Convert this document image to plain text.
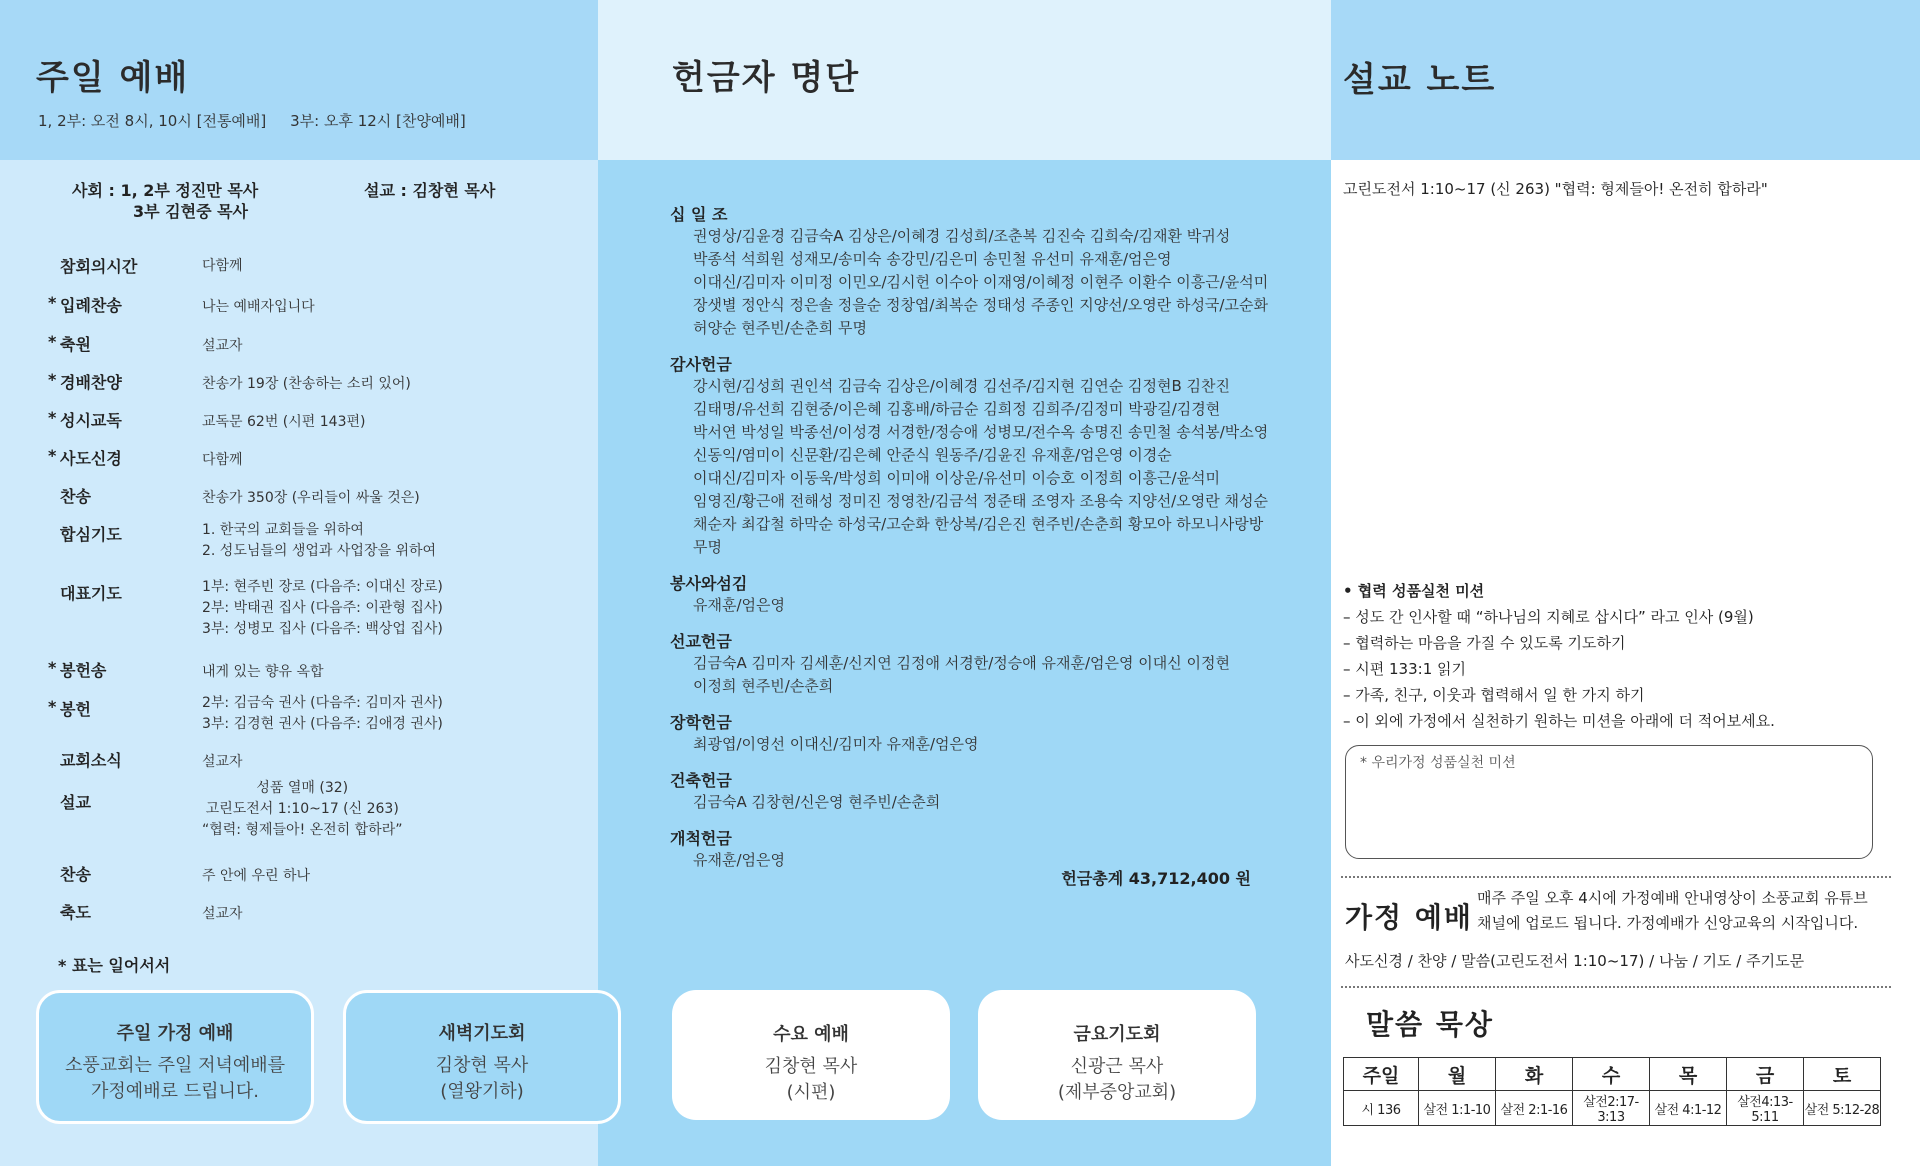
주일 예배
1, 2부: 오전 8시, 10시 [전통예배]     3부: 오후 12시 [찬양예배]
사회 : 1, 2부 정진만 목사
3부 김현중 목사
설교 : 김창현 목사
참회의시간	다함께
* 입례찬송	나는 예배자입니다
* 축원	설교자
* 경배찬양	찬송가 19장 (찬송하는 소리 있어)
* 성시교독	교독문 62번 (시편 143편)
* 사도신경	다함께
찬송	찬송가 350장 (우리들이 싸울 것은)
합심기도	1. 한국의 교회들을 위하여
2. 성도님들의 생업과 사업장을 위하여
대표기도	1부: 현주빈 장로 (다음주: 이대신 장로)
2부: 박태권 집사 (다음주: 이관형 집사)
3부: 성병모 집사 (다음주: 백상업 집사)
* 봉헌송	내게 있는 향유 옥합
* 봉헌	2부: 김금숙 권사 (다음주: 김미자 권사)
3부: 김경현 권사 (다음주: 김애경 권사)
교회소식	설교자
설교
성품 열매 (32)
고린도전서 1:10~17 (신 263)
“협력: 형제들아! 온전히 합하라”
찬송	주 안에 우린 하나
축도	설교자
* 표는 일어서서
주일 가정 예배
소풍교회는 주일 저녁예배를
가정예배로 드립니다.
새벽기도회
김창현 목사
(열왕기하)
헌금자 명단
십 일 조
권영상/김윤경 김금숙A 김상은/이혜경 김성희/조춘복 김진숙 김희숙/김재환 박귀성
박종석 석희원 성재모/송미숙 송강민/김은미 송민철 유선미 유재훈/엄은영
이대신/김미자 이미정 이민오/김시헌 이수아 이재영/이혜정 이현주 이환수 이흥근/윤석미
장샛별 정안식 정은솔 정을순 정창엽/최복순 정태성 주종인 지양선/오영란 하성국/고순화
허양순 현주빈/손춘희 무명
감사헌금
강시현/김성희 권인석 김금숙 김상은/이혜경 김선주/김지현 김연순 김정현B 김찬진
김태명/유선희 김현중/이은혜 김홍배/하금순 김희정 김희주/김정미 박광길/김경현
박서연 박성일 박종선/이성경 서경한/정승애 성병모/전수옥 송명진 송민철 송석봉/박소영
신동익/염미이 신문환/김은혜 안준식 원동주/김윤진 유재훈/엄은영 이경순
이대신/김미자 이동욱/박성희 이미애 이상운/유선미 이승호 이정희 이흥근/윤석미
임영진/황근애 전해성 정미진 정영찬/김금석 정준태 조영자 조용숙 지양선/오영란 채성순
채순자 최갑철 하막순 하성국/고순화 한상복/김은진 현주빈/손춘희 황모아 하모니사랑방
무명
봉사와섬김
유재훈/엄은영
선교헌금
김금숙A 김미자 김세훈/신지연 김정애 서경한/정승애 유재훈/엄은영 이대신 이정현
이정희 현주빈/손춘희
장학헌금
최광엽/이영선 이대신/김미자 유재훈/엄은영
건축헌금
김금숙A 김창현/신은영 현주빈/손춘희
개척헌금
유재훈/엄은영
헌금총계 43,712,400 원
수요 예배
김창현 목사
(시편)
금요기도회
신광근 목사
(제부중앙교회)
설교 노트
고린도전서 1:10~17 (신 263) "협력: 형제들아! 온전히 합하라"
• 협력 성품실천 미션
– 성도 간 인사할 때 “하나님의 지혜로 삽시다” 라고 인사 (9월)
– 협력하는 마음을 가질 수 있도록 기도하기
– 시편 133:1 읽기
– 가족, 친구, 이웃과 협력해서 일 한 가지 하기
– 이 외에 가정에서 실천하기 원하는 미션을 아래에 더 적어보세요.
* 우리가정 성품실천 미션
가정 예배
매주 주일 오후 4시에 가정예배 안내영상이 소풍교회 유튜브
채널에 업로드 됩니다. 가정예배가 신앙교육의 시작입니다.
사도신경 / 찬양 / 말씀(고린도전서 1:10~17) / 나눔 / 기도 / 주기도문
말씀 묵상
주일	월	화	수	목	금	토
시 136	살전 1:1-10	살전 2:1-16	살전2:17-3:13	살전 4:1-12	살전4:13-5:11	살전 5:12-28
